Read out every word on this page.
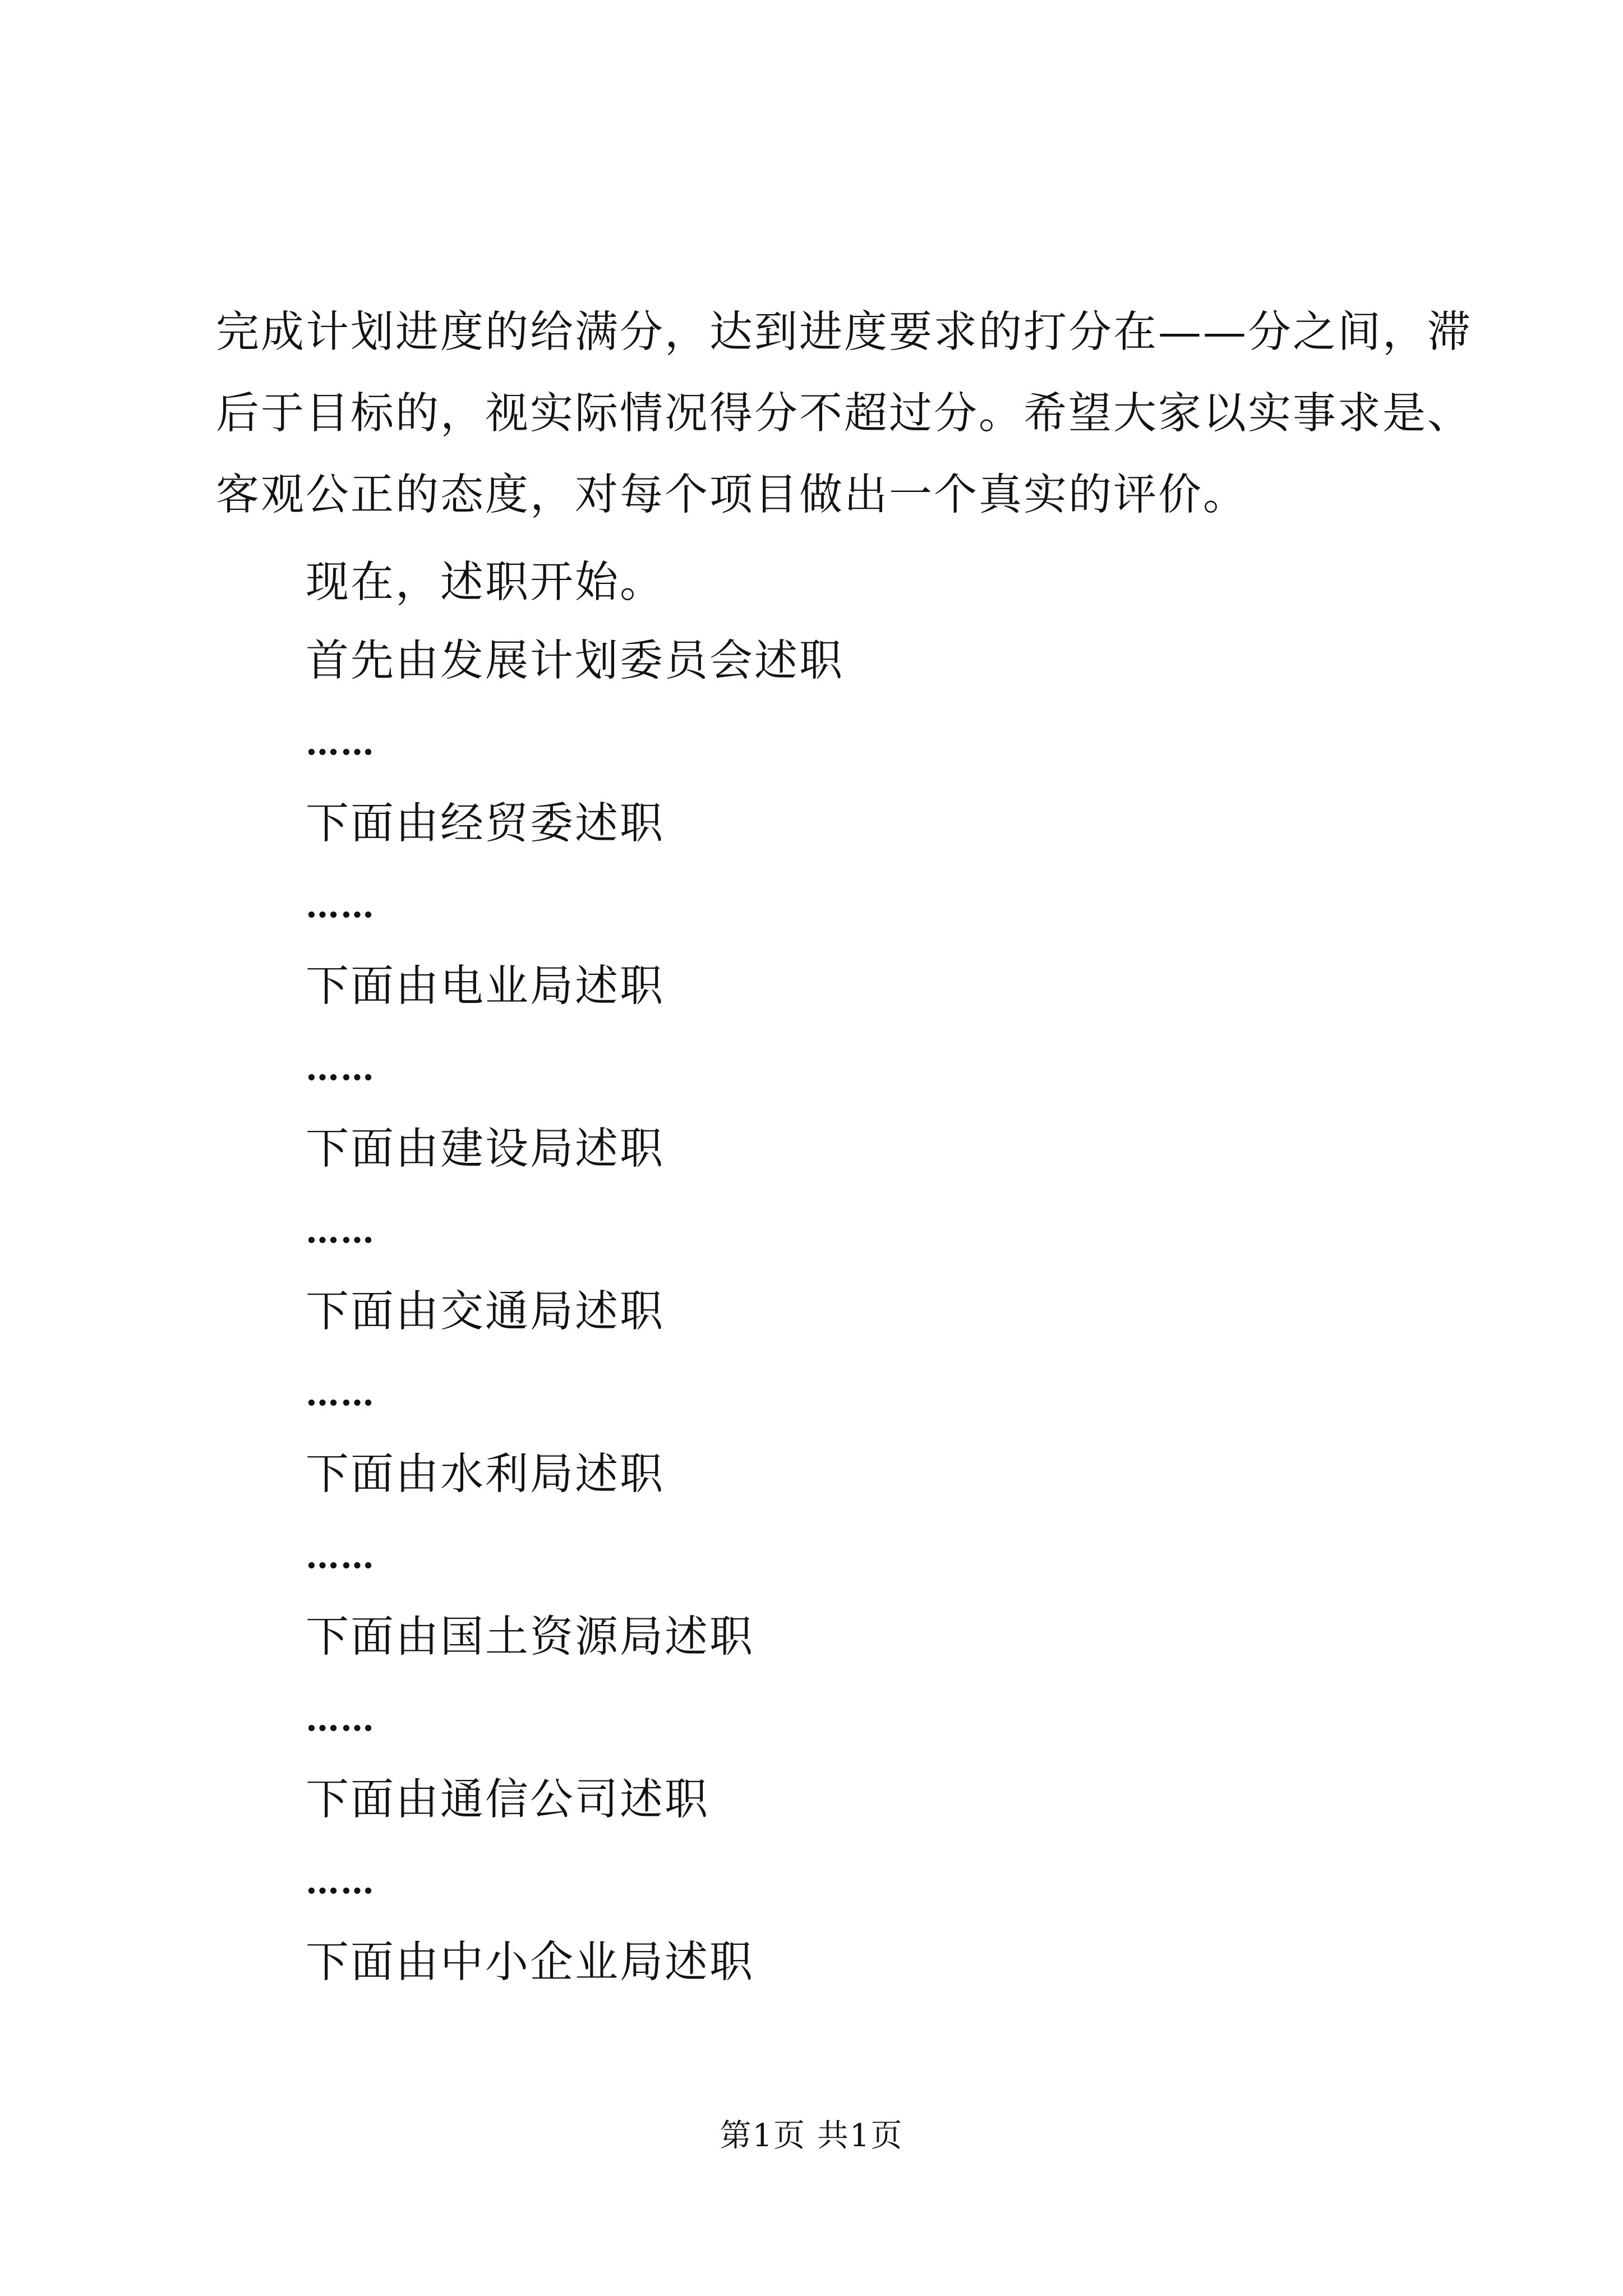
完成计划进度的给满分，达到进度要求的打分在——分之间，滞
后于目标的，视实际情况得分不超过分。希望大家以实事求是、
客观公正的态度，对每个项目做出一个真实的评价。
现在，述职开始。
首先由发展计划委员会述职
……
下面由经贸委述职
……
下面由电业局述职
……
下面由建设局述职
……
下面由交通局述职
……
下面由水利局述职
……
下面由国土资源局述职
……
下面由通信公司述职
……
下面由中小企业局述职
第1页 共1页
